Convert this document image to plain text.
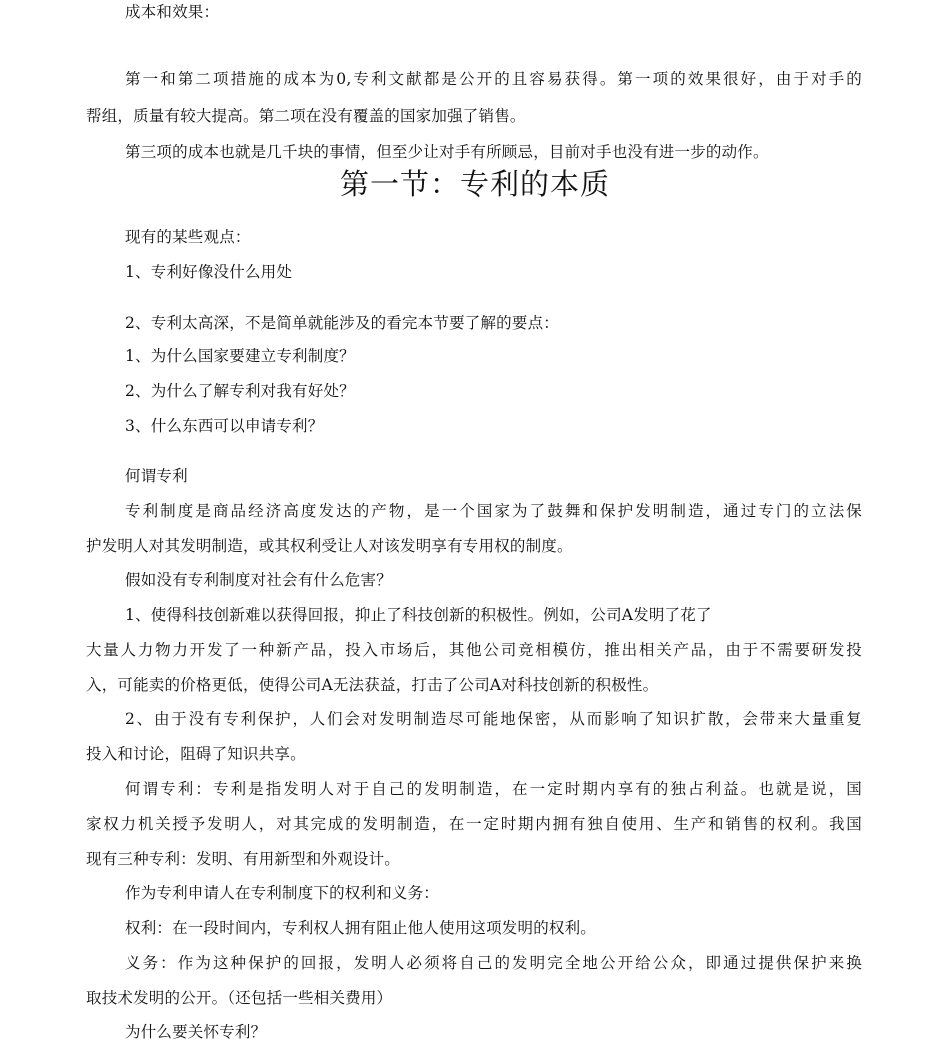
成本和效果：
第一和第二项措施的成本为0,专利文献都是公开的且容易获得。第一项的效果很好，由于对手的
帮组，质量有较大提高。第二项在没有覆盖的国家加强了销售。
第三项的成本也就是几千块的事情，但至少让对手有所顾忌，目前对手也没有进一步的动作。
第一节：专利的本质
现有的某些观点：
1、专利好像没什么用处
2、专利太高深，不是简单就能涉及的看完本节要了解的要点：
1、为什么国家要建立专利制度？
2、为什么了解专利对我有好处？
3、什么东西可以申请专利？
何谓专利
专利制度是商品经济高度发达的产物，是一个国家为了鼓舞和保护发明制造，通过专门的立法保
护发明人对其发明制造，或其权利受让人对该发明享有专用权的制度。
假如没有专利制度对社会有什么危害？
1、使得科技创新难以获得回报，抑止了科技创新的积极性。例如，公司A发明了花了
大量人力物力开发了一种新产品，投入市场后，其他公司竞相模仿，推出相关产品，由于不需要研发投
入，可能卖的价格更低，使得公司A无法获益，打击了公司A对科技创新的积极性。
2、由于没有专利保护，人们会对发明制造尽可能地保密，从而影响了知识扩散，会带来大量重复
投入和讨论，阻碍了知识共享。
何谓专利：专利是指发明人对于自己的发明制造，在一定时期内享有的独占利益。也就是说，国
家权力机关授予发明人，对其完成的发明制造，在一定时期内拥有独自使用、生产和销售的权利。我国
现有三种专利：发明、有用新型和外观设计。
作为专利申请人在专利制度下的权利和义务：
权利：在一段时间内，专利权人拥有阻止他人使用这项发明的权利。
义务：作为这种保护的回报，发明人必须将自己的发明完全地公开给公众，即通过提供保护来换
取技术发明的公开。（还包括一些相关费用）
为什么要关怀专利？
